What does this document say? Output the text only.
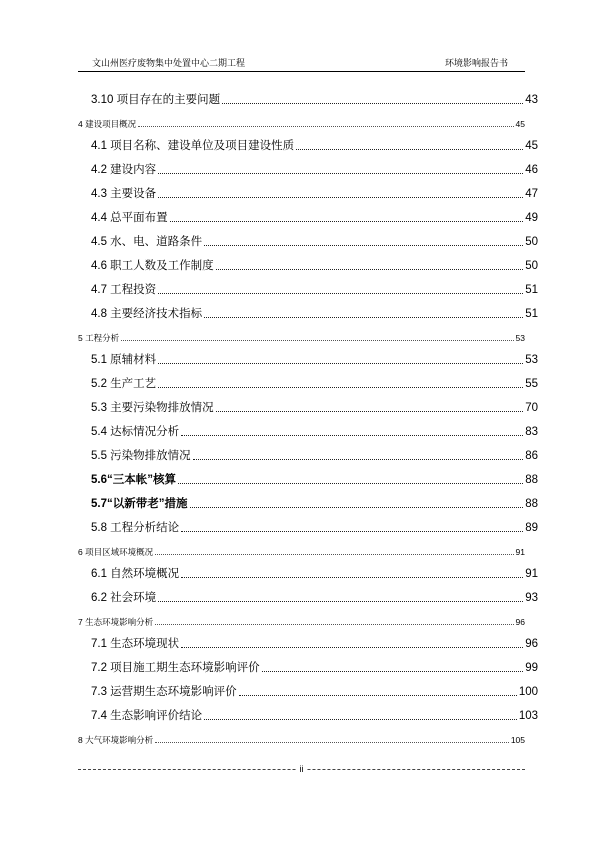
文山州医疗废物集中处置中心二期工程	环境影响报告书
3.10 项目存在的主要问题	43
4 建设项目概况	45
4.1 项目名称、建设单位及项目建设性质	45
4.2 建设内容	46
4.3 主要设备	47
4.4 总平面布置	49
4.5 水、电、道路条件	50
4.6 职工人数及工作制度	50
4.7 工程投资	51
4.8 主要经济技术指标	51
5 工程分析	53
5.1 原辅材料	53
5.2 生产工艺	55
5.3 主要污染物排放情况	70
5.4 达标情况分析	83
5.5 污染物排放情况	86
5.6“三本帐”核算	88
5.7“以新带老”措施	88
5.8 工程分析结论	89
6 项目区域环境概况	91
6.1 自然环境概况	91
6.2 社会环境	93
7 生态环境影响分析	96
7.1 生态环境现状	96
7.2 项目施工期生态环境影响评价	99
7.3 运营期生态环境影响评价	100
7.4 生态影响评价结论	103
8 大气环境影响分析	105
ii
